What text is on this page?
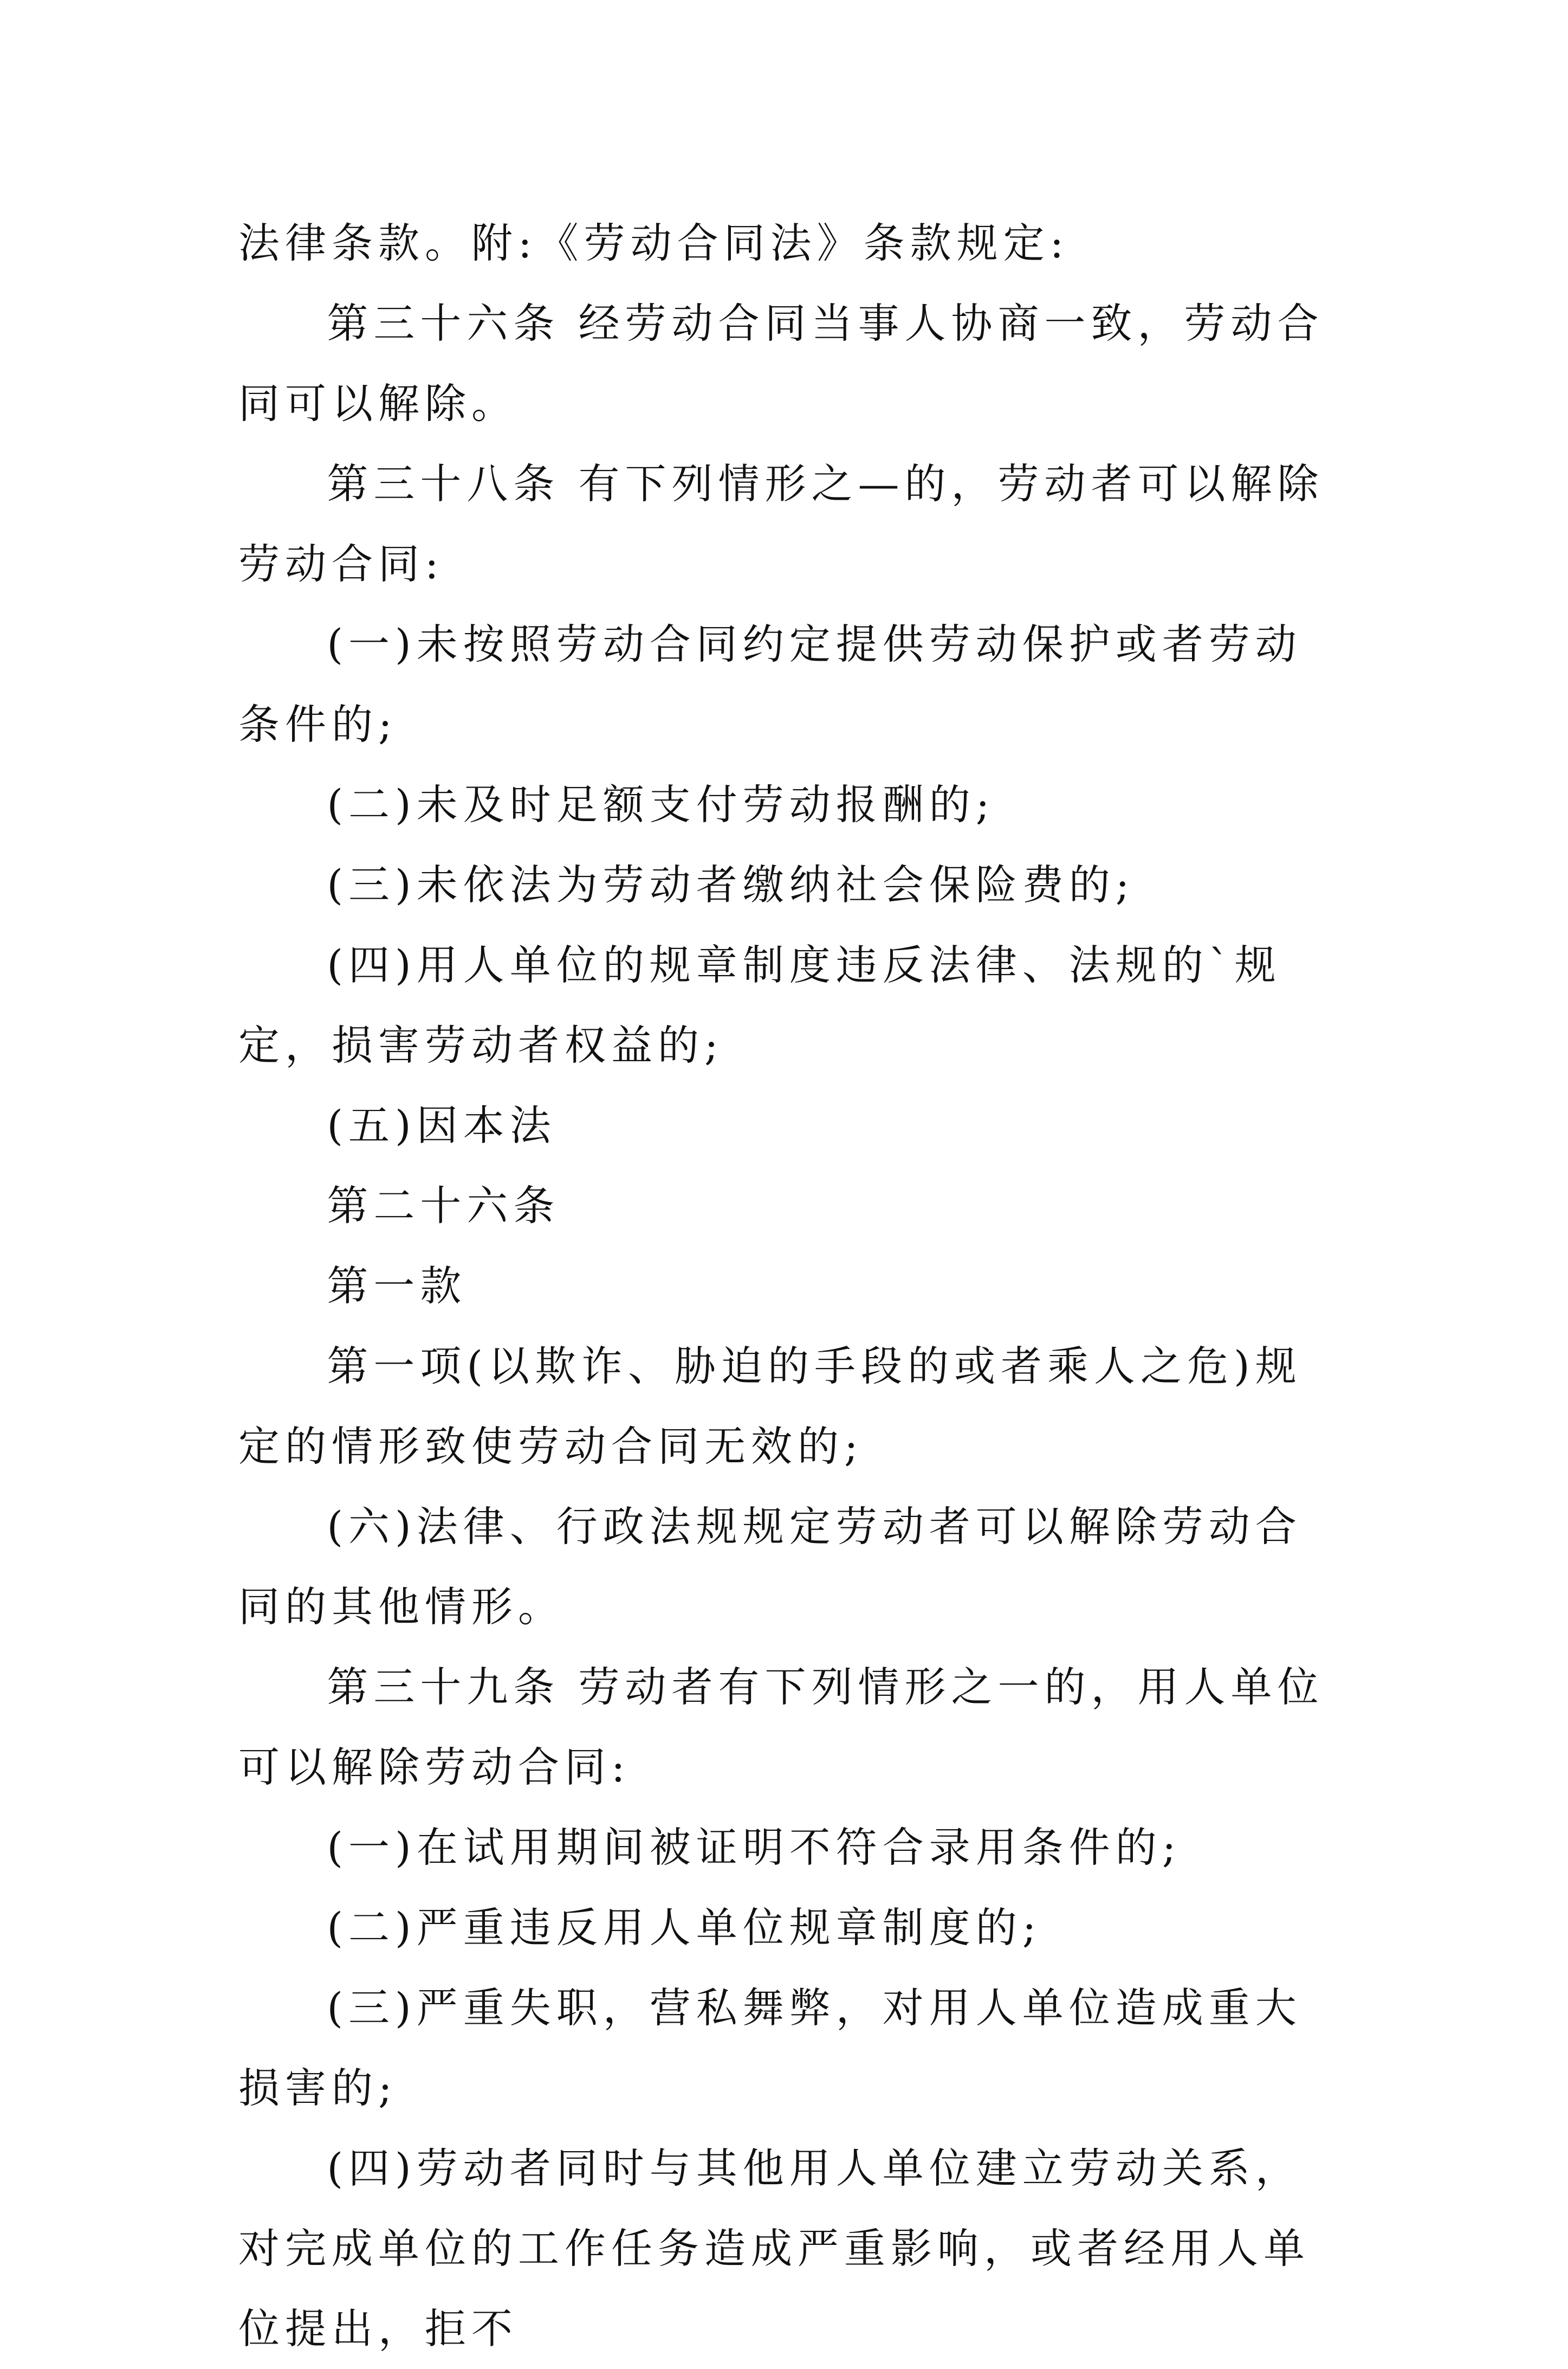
法律条款。附:《劳动合同法》条款规定:

第三十六条 经劳动合同当事人协商一致，劳动合同可以解除。

第三十八条 有下列情形之—的，劳动者可以解除劳动合同:

(一)未按照劳动合同约定提供劳动保护或者劳动条件的;

(二)未及时足额支付劳动报酬的;

(三)未依法为劳动者缴纳社会保险费的;

(四)用人单位的规章制度违反法律、法规的`规定，损害劳动者权益的;

(五)因本法

第二十六条

第一款

第一项(以欺诈、胁迫的手段的或者乘人之危)规定的情形致使劳动合同无效的;

(六)法律、行政法规规定劳动者可以解除劳动合同的其他情形。

第三十九条 劳动者有下列情形之一的，用人单位可以解除劳动合同:

(一)在试用期间被证明不符合录用条件的;

(二)严重违反用人单位规章制度的;

(三)严重失职，营私舞弊，对用人单位造成重大损害的;

(四)劳动者同时与其他用人单位建立劳动关系，对完成单位的工作任务造成严重影响，或者经用人单位提出，拒不
